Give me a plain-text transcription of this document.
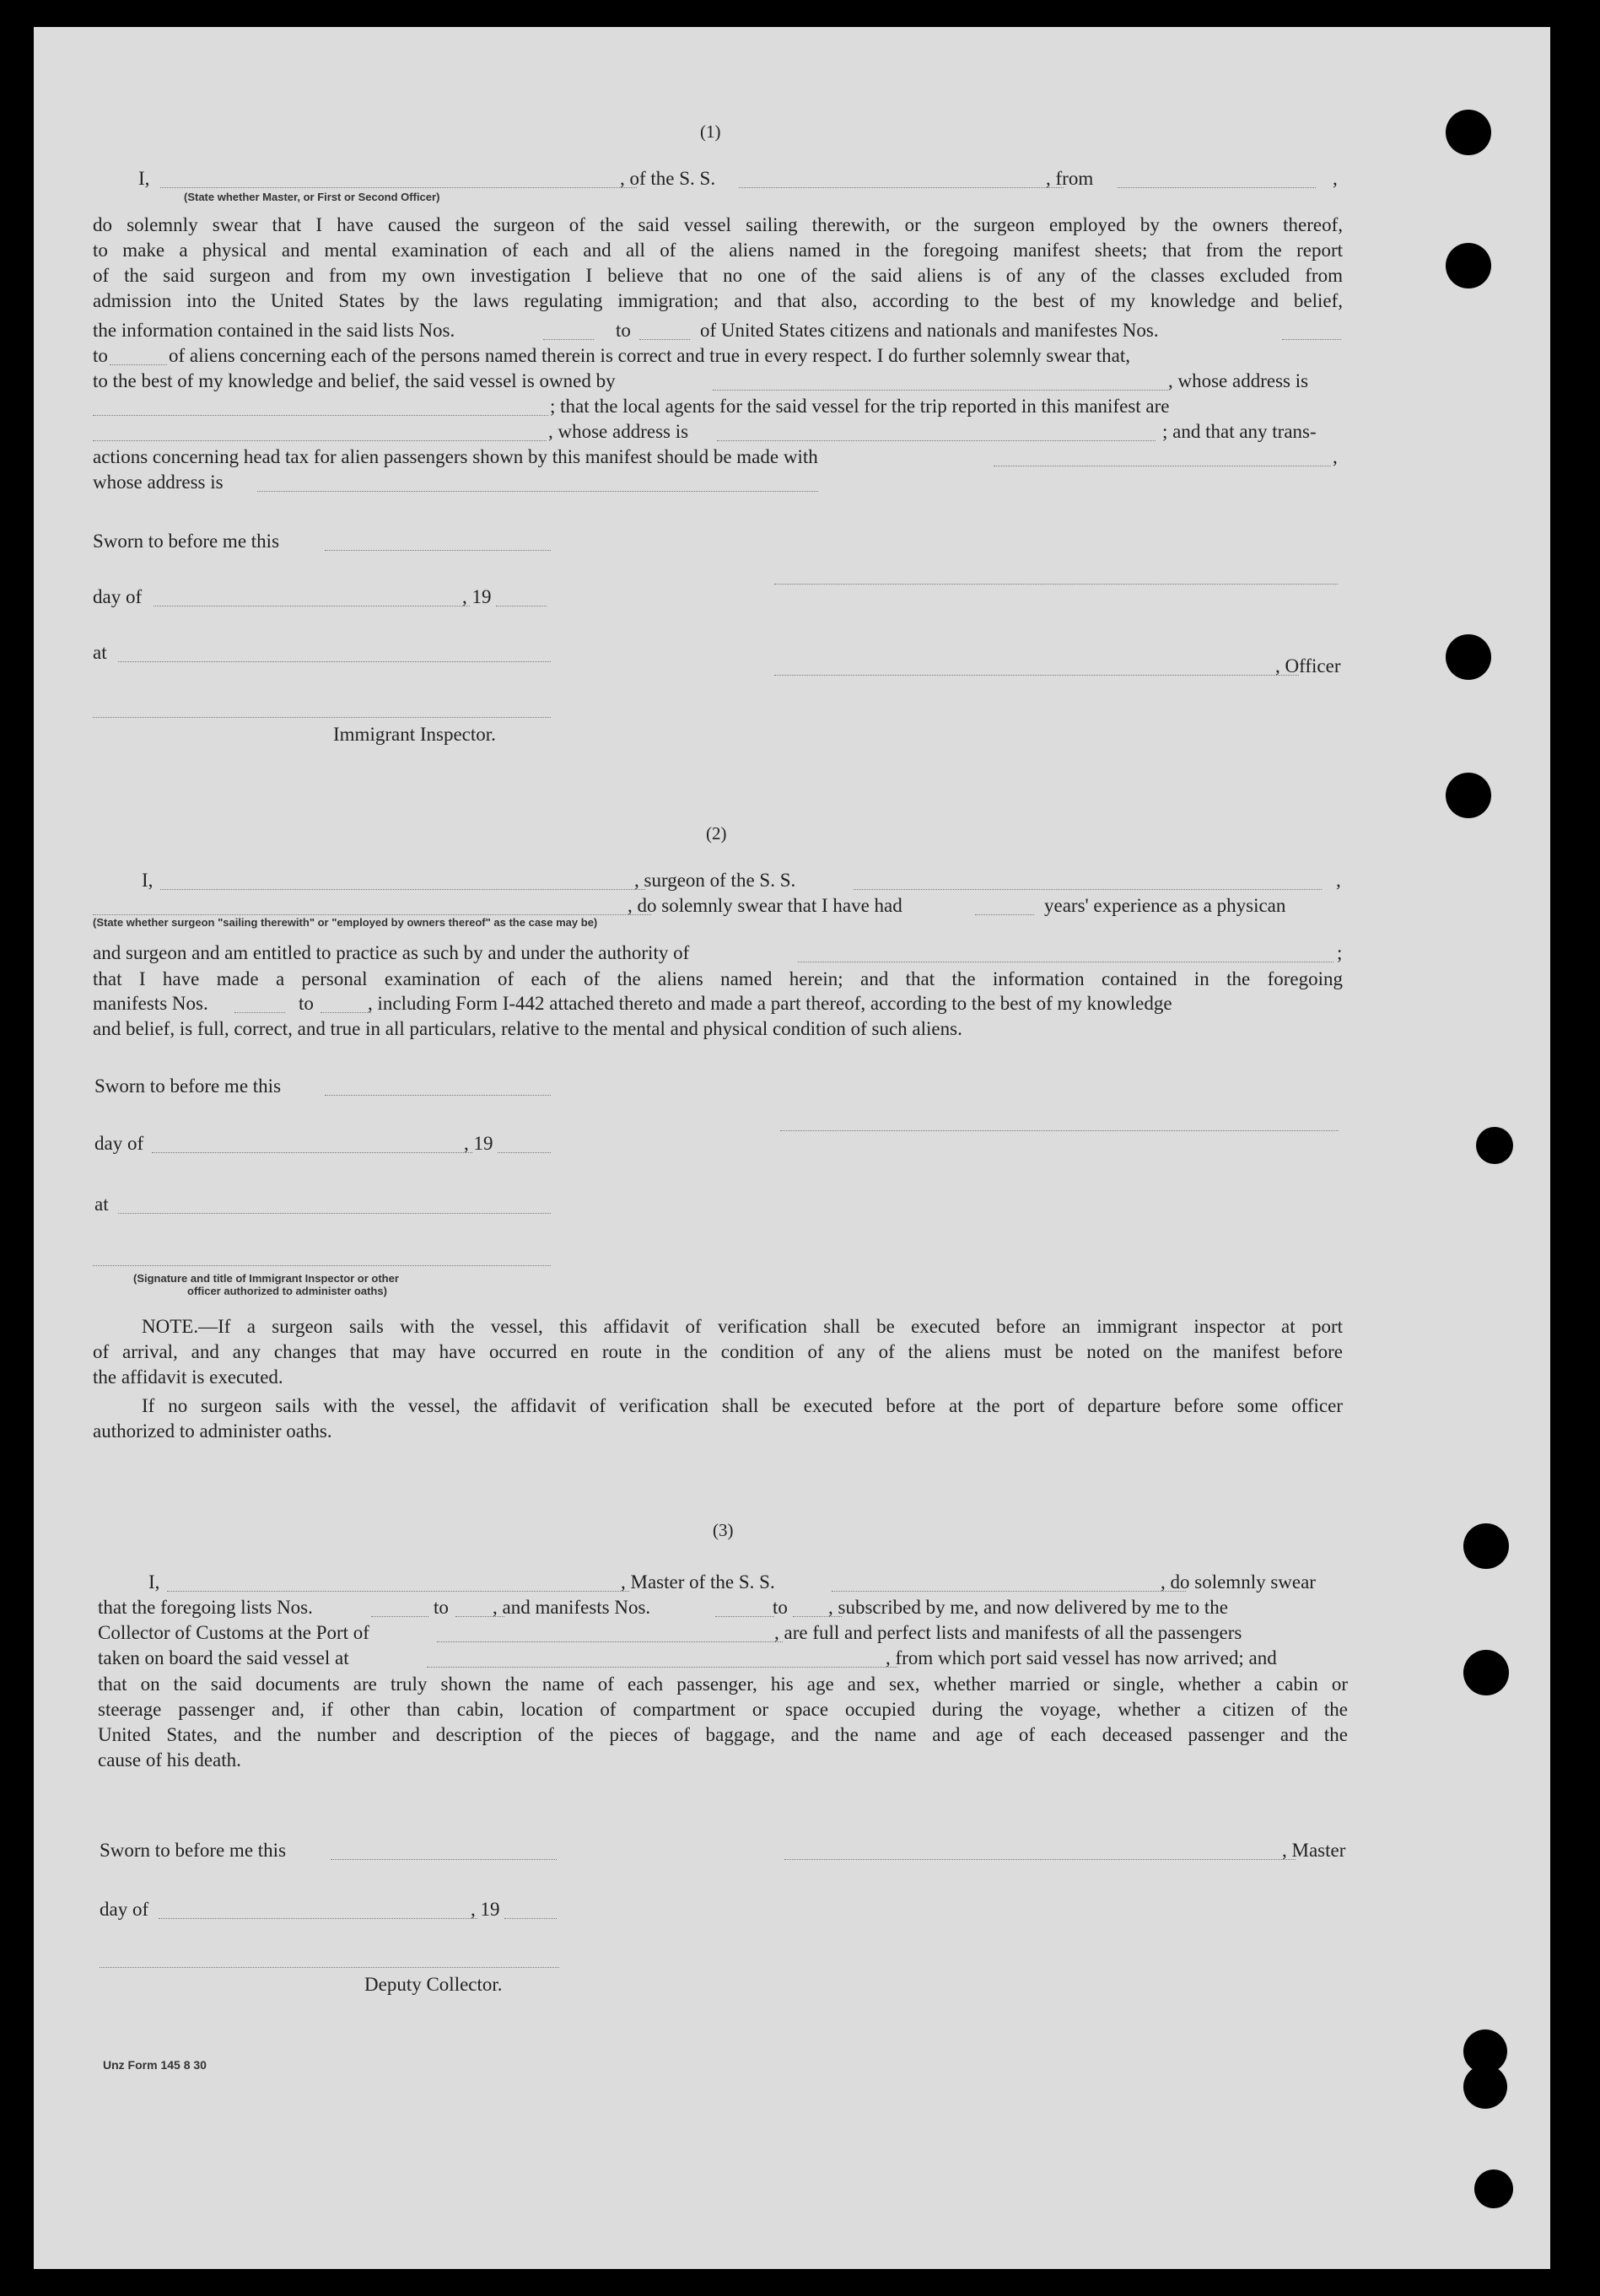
(1)
I,	, of the S. S.	, from	,
(State whether Master, or First or Second Officer)
do solemnly swear that I have caused the surgeon of the said vessel sailing therewith, or the surgeon employed by the owners thereof,
to make a physical and mental examination of each and all of the aliens named in the foregoing manifest sheets; that from the report
of the said surgeon and from my own investigation I believe that no one of the said aliens is of any of the classes excluded from
admission into the United States by the laws regulating immigration; and that also, according to the best of my knowledge and belief,
the information contained in the said lists Nos.	to	of United States citizens and nationals and manifestes Nos.
to	of aliens concerning each of the persons named therein is correct and true in every respect. I do further solemnly swear that,
to the best of my knowledge and belief, the said vessel is owned by	, whose address is
; that the local agents for the said vessel for the trip reported in this manifest are
, whose address is	; and that any trans-
actions concerning head tax for alien passengers shown by this manifest should be made with	,
whose address is
Sworn to before me this
day of	, 19
at
, Officer
Immigrant Inspector.
(2)
I,	, surgeon of the S. S.	,
, do solemnly swear that I have had	years' experience as a physican
(State whether surgeon "sailing therewith" or "employed by owners thereof" as the case may be)
and surgeon and am entitled to practice as such by and under the authority of	;
that I have made a personal examination of each of the aliens named herein; and that the information contained in the foregoing
manifests Nos.	to	, including Form I-442 attached thereto and made a part thereof, according to the best of my knowledge
and belief, is full, correct, and true in all particulars, relative to the mental and physical condition of such aliens.
Sworn to before me this
day of	, 19
at
(Signature and title of Immigrant Inspector or other
officer authorized to administer oaths)
NOTE.—If a surgeon sails with the vessel, this affidavit of verification shall be executed before an immigrant inspector at port
of arrival, and any changes that may have occurred en route in the condition of any of the aliens must be noted on the manifest before
the affidavit is executed.
If no surgeon sails with the vessel, the affidavit of verification shall be executed before at the port of departure before some officer
authorized to administer oaths.
(3)
I,	, Master of the S. S.	, do solemnly swear
that the foregoing lists Nos.	to , and manifests Nos.	to , subscribed by me, and now delivered by me to the
Collector of Customs at the Port of	, are full and perfect lists and manifests of all the passengers
taken on board the said vessel at	, from which port said vessel has now arrived; and
that on the said documents are truly shown the name of each passenger, his age and sex, whether married or single, whether a cabin or
steerage passenger and, if other than cabin, location of compartment or space occupied during the voyage, whether a citizen of the
United States, and the number and description of the pieces of baggage, and the name and age of each deceased passenger and the
cause of his death.
Sworn to before me this	, Master
day of	, 19
Deputy Collector.
Unz Form 145 8 30
